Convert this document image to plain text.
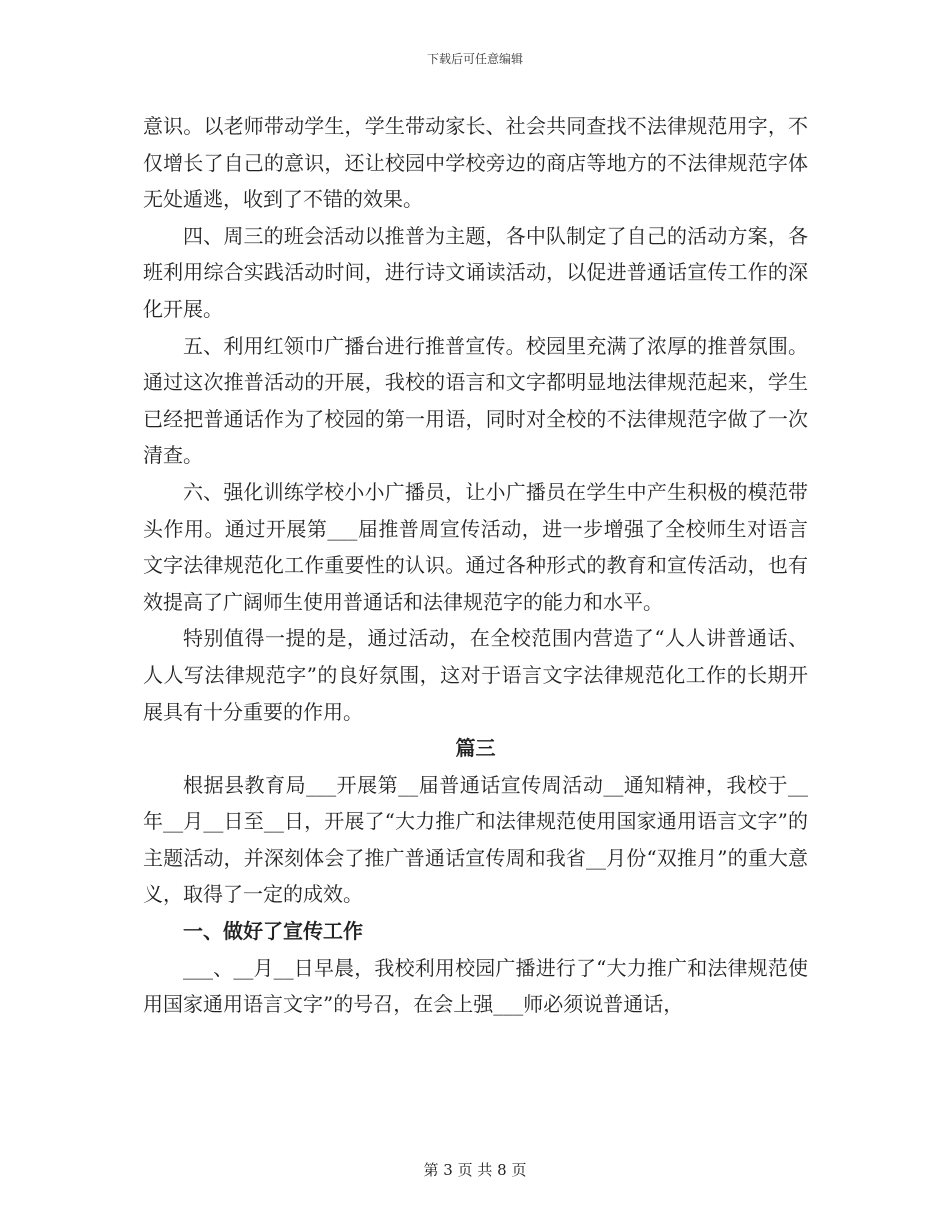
下载后可任意编辑

意识。以老师带动学生，学生带动家长、社会共同查找不法律规范用字，不仅增长了自己的意识，还让校园中学校旁边的商店等地方的不法律规范字体无处遁逃，收到了不错的效果。

四、周三的班会活动以推普为主题，各中队制定了自己的活动方案，各班利用综合实践活动时间，进行诗文诵读活动，以促进普通话宣传工作的深化开展。

五、利用红领巾广播台进行推普宣传。校园里充满了浓厚的推普氛围。通过这次推普活动的开展，我校的语言和文字都明显地法律规范起来，学生已经把普通话作为了校园的第一用语，同时对全校的不法律规范字做了一次清查。

六、强化训练学校小小广播员，让小广播员在学生中产生积极的模范带头作用。通过开展第___届推普周宣传活动，进一步增强了全校师生对语言文字法律规范化工作重要性的认识。通过各种形式的教育和宣传活动，也有效提高了广阔师生使用普通话和法律规范字的能力和水平。

特别值得一提的是，通过活动，在全校范围内营造了“人人讲普通话、人人写法律规范字”的良好氛围，这对于语言文字法律规范化工作的长期开展具有十分重要的作用。

篇三

根据县教育局___开展第__届普通话宣传周活动__通知精神，我校于__年__月__日至__日，开展了“大力推广和法律规范使用国家通用语言文字”的主题活动，并深刻体会了推广普通话宣传周和我省__月份“双推月”的重大意义，取得了一定的成效。

一、做好了宣传工作

___、__月__日早晨，我校利用校园广播进行了“大力推广和法律规范使用国家通用语言文字”的号召，在会上强___师必须说普通话，

第 3 页 共 8 页
